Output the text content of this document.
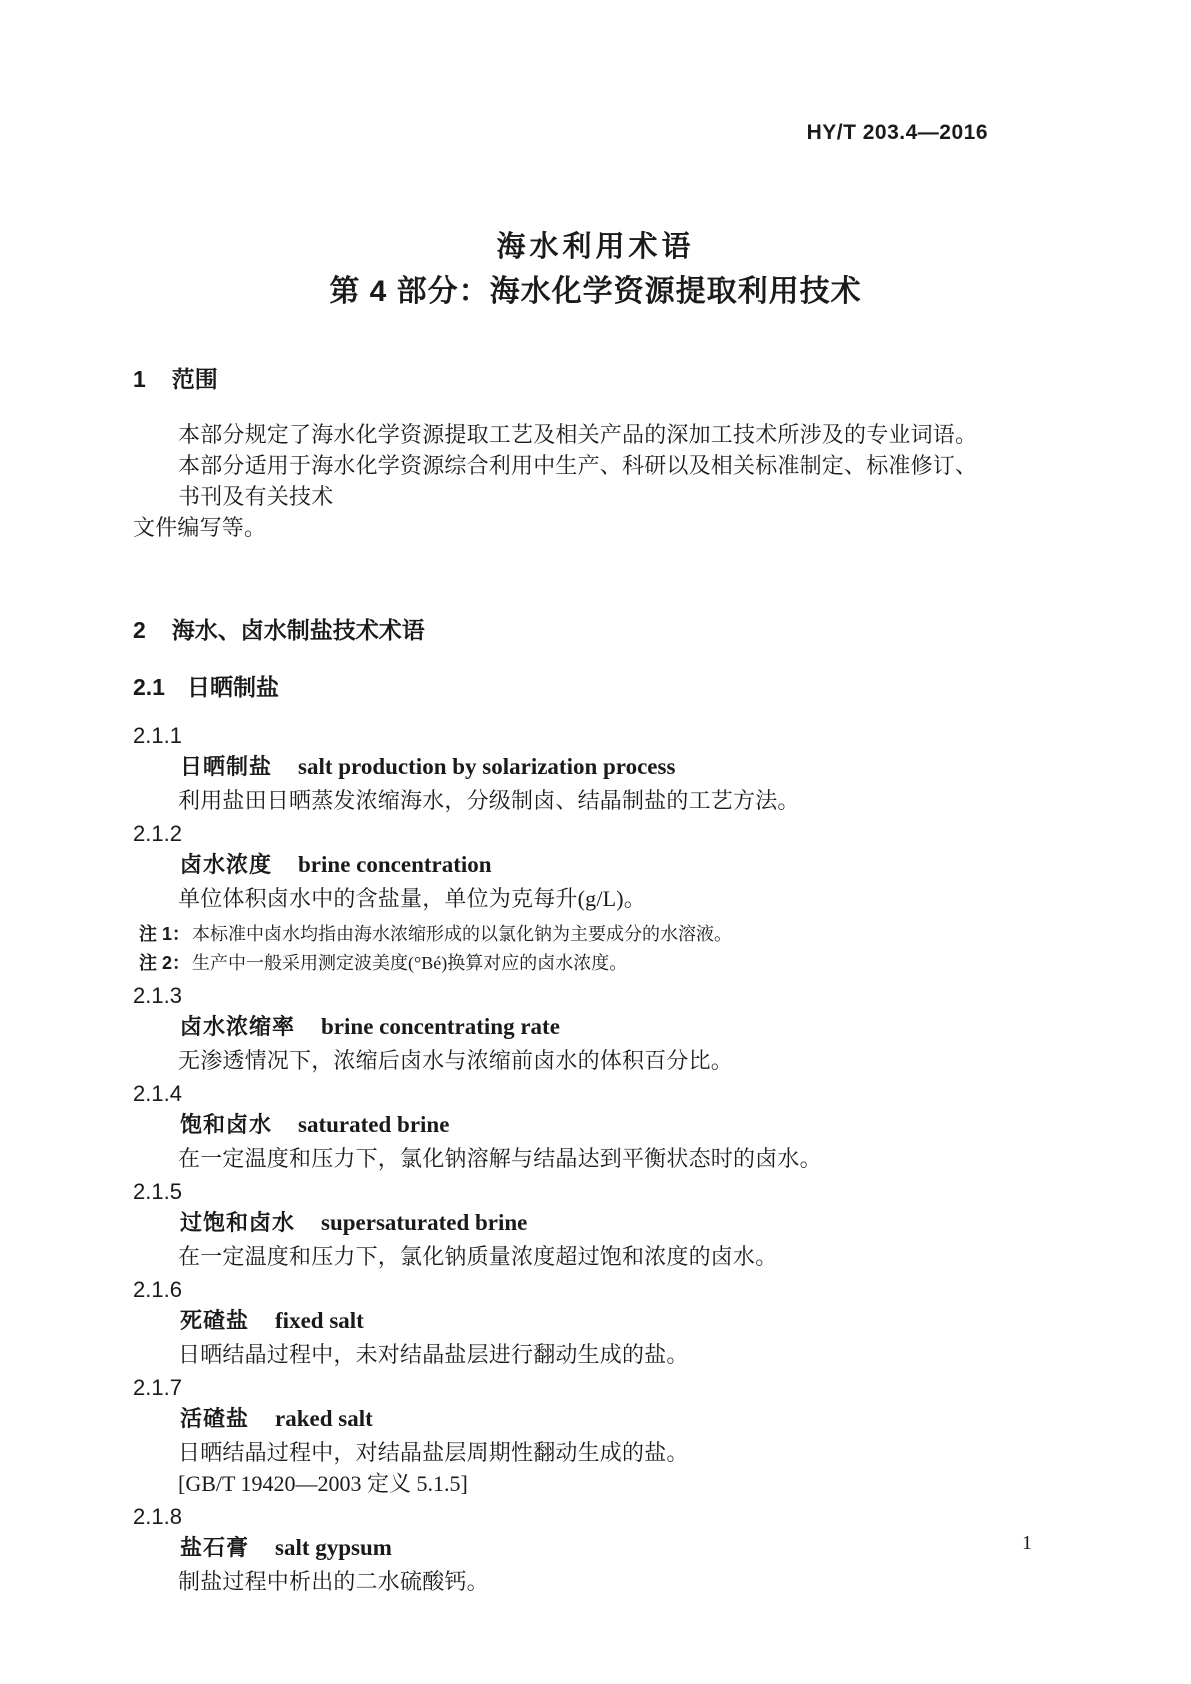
HY/T 203.4—2016
海水利用术语
第 4 部分：海水化学资源提取利用技术
1 范围
本部分规定了海水化学资源提取工艺及相关产品的深加工技术所涉及的专业词语。
本部分适用于海水化学资源综合利用中生产、科研以及相关标准制定、标准修订、书刊及有关技术
文件编写等。
2 海水、卤水制盐技术术语
2.1 日晒制盐
2.1.1
日晒制盐 salt production by solarization process
利用盐田日晒蒸发浓缩海水，分级制卤、结晶制盐的工艺方法。
2.1.2
卤水浓度 brine concentration
单位体积卤水中的含盐量，单位为克每升(g/L)。
注 1： 本标准中卤水均指由海水浓缩形成的以氯化钠为主要成分的水溶液。
注 2： 生产中一般采用测定波美度(°Bé)换算对应的卤水浓度。
2.1.3
卤水浓缩率 brine concentrating rate
无渗透情况下，浓缩后卤水与浓缩前卤水的体积百分比。
2.1.4
饱和卤水 saturated brine
在一定温度和压力下，氯化钠溶解与结晶达到平衡状态时的卤水。
2.1.5
过饱和卤水 supersaturated brine
在一定温度和压力下，氯化钠质量浓度超过饱和浓度的卤水。
2.1.6
死碴盐 fixed salt
日晒结晶过程中，未对结晶盐层进行翻动生成的盐。
2.1.7
活碴盐 raked salt
日晒结晶过程中，对结晶盐层周期性翻动生成的盐。
[GB/T 19420—2003 定义 5.1.5]
2.1.8
盐石膏 salt gypsum
制盐过程中析出的二水硫酸钙。
1
